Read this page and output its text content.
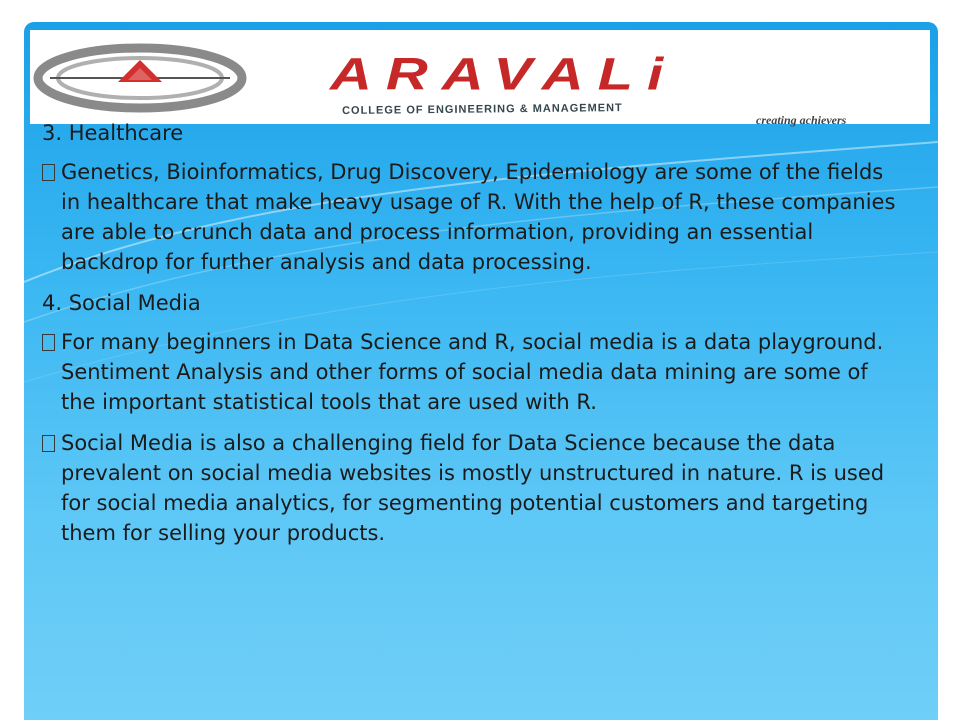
ARAVALi
COLLEGE OF ENGINEERING & MANAGEMENT
creating achievers
3. Healthcare
Genetics, Bioinformatics, Drug Discovery, Epidemiology are some of the fields in healthcare that make heavy usage of R. With the help of R, these companies are able to crunch data and process information, providing an essential backdrop for further analysis and data processing.
4. Social Media
For many beginners in Data Science and R, social media is a data playground. Sentiment Analysis and other forms of social media data mining are some of the important statistical tools that are used with R.
Social Media is also a challenging field for Data Science because the data prevalent on social media websites is mostly unstructured in nature. R is used for social media analytics, for segmenting potential customers and targeting them for selling your products.
